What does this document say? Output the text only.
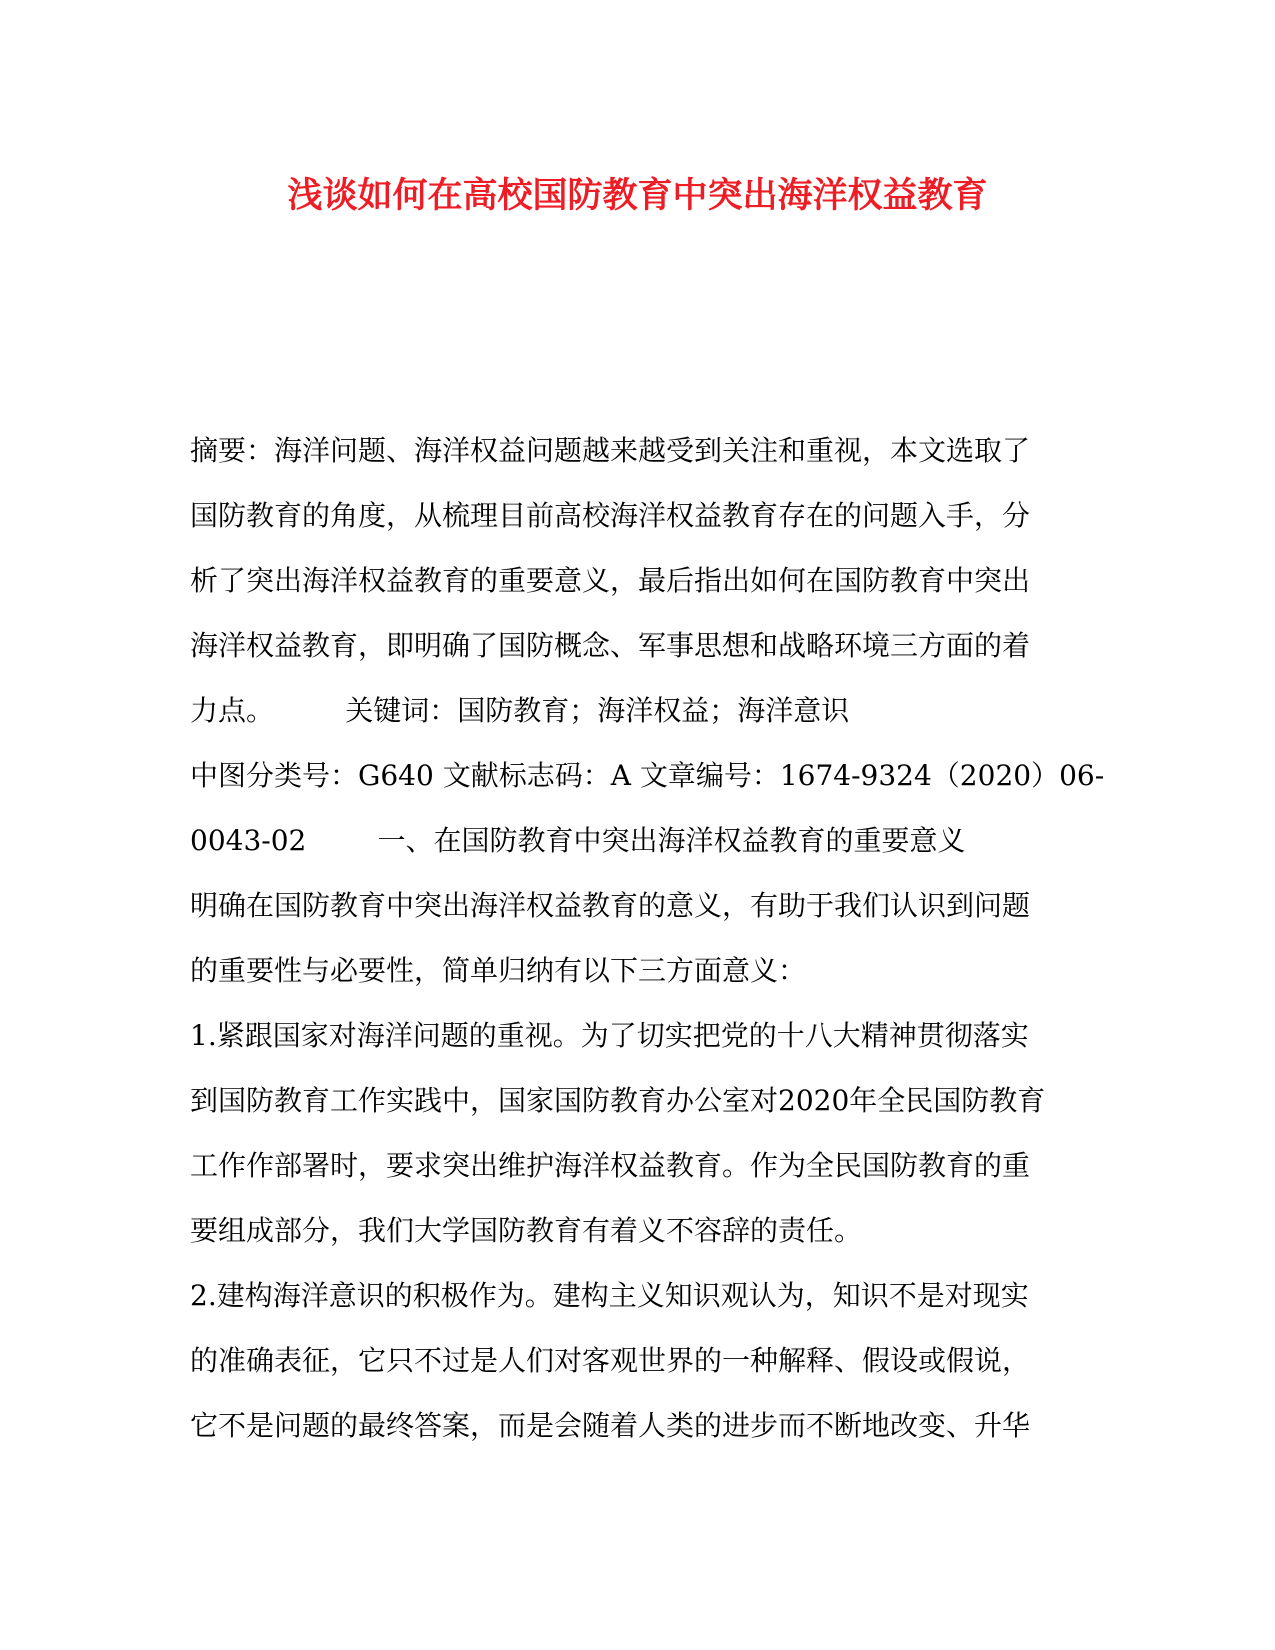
浅谈如何在高校国防教育中突出海洋权益教育
摘要：海洋问题、海洋权益问题越来越受到关注和重视，本文选取了
国防教育的角度，从梳理目前高校海洋权益教育存在的问题入手，分
析了突出海洋权益教育的重要意义，最后指出如何在国防教育中突出
海洋权益教育，即明确了国防概念、军事思想和战略环境三方面的着
力点。        关键词：国防教育；海洋权益；海洋意识
中图分类号：G640 文献标志码：A 文章编号：1674-9324（2020）06-
0043-02        一、在国防教育中突出海洋权益教育的重要意义
明确在国防教育中突出海洋权益教育的意义，有助于我们认识到问题
的重要性与必要性，简单归纳有以下三方面意义：
1.紧跟国家对海洋问题的重视。为了切实把党的十八大精神贯彻落实
到国防教育工作实践中，国家国防教育办公室对2020年全民国防教育
工作作部署时，要求突出维护海洋权益教育。作为全民国防教育的重
要组成部分，我们大学国防教育有着义不容辞的责任。
2.建构海洋意识的积极作为。建构主义知识观认为，知识不是对现实
的准确表征，它只不过是人们对客观世界的一种解释、假设或假说，
它不是问题的最终答案，而是会随着人类的进步而不断地改变、升华
